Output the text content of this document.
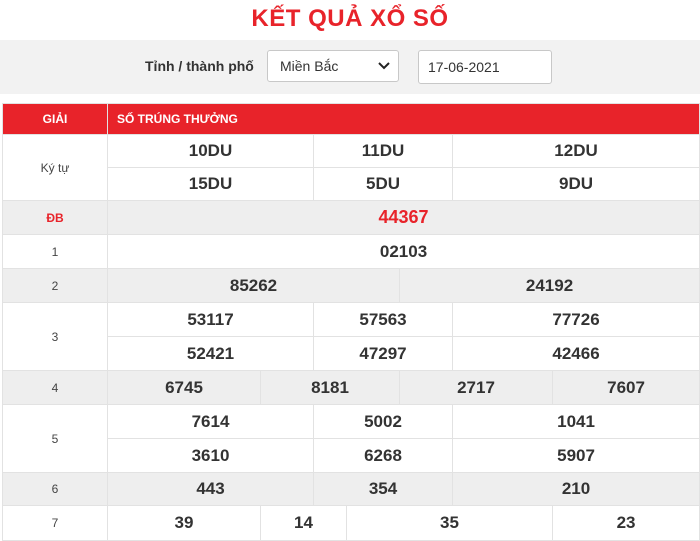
KẾT QUẢ XỔ SỐ
Tỉnh / thành phố Miền Bắc	17-06-2021
GIẢI	SỐ TRÚNG THƯỞNG						
Ký tự	10DU		11DU			12DU	
	15DU		5DU			9DU	
ĐB	44367						
1	02103						
2	85262				24192		
3	53117		57563			77726	
	52421		47297			42466	
4	6745	8181			2717		7607
5	7614		5002			1041	
	3610		6268			5907	
6	443		354			210	
7	39	14		35			23
